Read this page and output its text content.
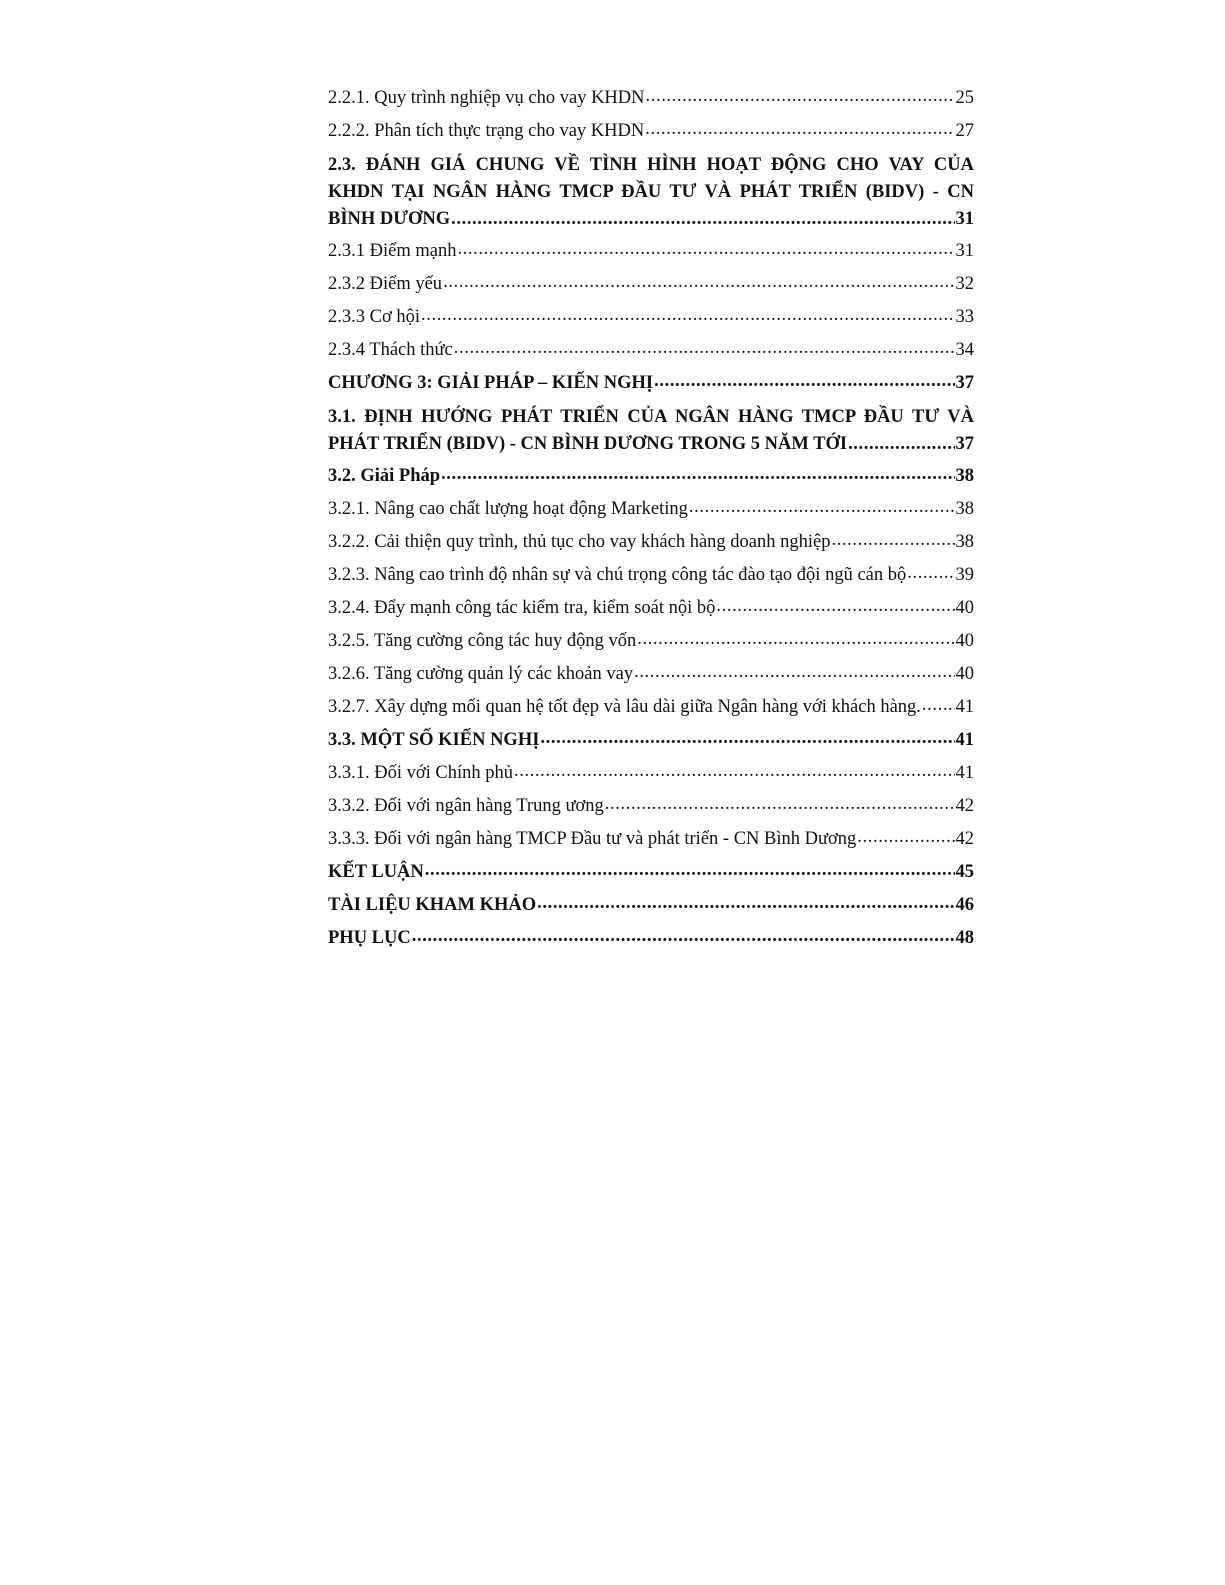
2.2.1. Quy trình nghiệp vụ cho vay KHDN .....	25
2.2.2. Phân tích thực trạng cho vay KHDN .....	27
2.3. ĐÁNH GIÁ CHUNG VỀ TÌNH HÌNH HOẠT ĐỘNG CHO VAY CỦA
KHDN TẠI NGÂN HÀNG TMCP ĐẦU TƯ VÀ PHÁT TRIỂN (BIDV) - CN
BÌNH DƯƠNG .....	31
2.3.1 Điểm mạnh .....	31
2.3.2 Điểm yếu .....	32
2.3.3 Cơ hội .....	33
2.3.4 Thách thức .....	34
CHƯƠNG 3: GIẢI PHÁP – KIẾN NGHỊ .....	37
3.1. ĐỊNH HƯỚNG PHÁT TRIỂN CỦA NGÂN HÀNG TMCP ĐẦU TƯ VÀ
PHÁT TRIỂN (BIDV) - CN BÌNH DƯƠNG TRONG 5 NĂM TỚI .....	37
3.2. Giải Pháp .....	38
3.2.1. Nâng cao chất lượng hoạt động Marketing .....	38
3.2.2. Cải thiện quy trình, thủ tục cho vay khách hàng doanh nghiệp .....	38
3.2.3. Nâng cao trình độ nhân sự và chú trọng công tác đào tạo đội ngũ cán bộ .....	39
3.2.4. Đẩy mạnh công tác kiểm tra, kiểm soát nội bộ .....	40
3.2.5. Tăng cường công tác huy động vốn .....	40
3.2.6. Tăng cường quản lý các khoản vay .....	40
3.2.7. Xây dựng mối quan hệ tốt đẹp và lâu dài giữa Ngân hàng với khách hàng. ..... 41
3.3. MỘT SỐ KIẾN NGHỊ .....	41
3.3.1. Đối với Chính phủ .....	41
3.3.2. Đối với ngân hàng Trung ương .....	42
3.3.3. Đối với ngân hàng TMCP Đầu tư và phát triển - CN Bình Dương .....	42
KẾT LUẬN .....	45
TÀI LIỆU KHAM KHẢO .....	46
PHỤ LỤC .....	48
